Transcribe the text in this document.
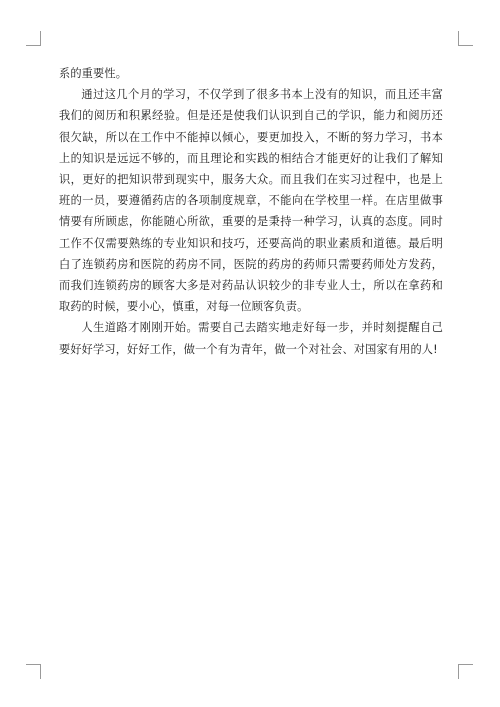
系的重要性。

通过这几个月的学习，不仅学到了很多书本上没有的知识，而且还丰富我们的阅历和积累经验。但是还是使我们认识到自己的学识，能力和阅历还很欠缺，所以在工作中不能掉以倾心，要更加投入，不断的努力学习，书本上的知识是远远不够的，而且理论和实践的相结合才能更好的让我们了解知识，更好的把知识带到现实中，服务大众。而且我们在实习过程中，也是上班的一员，要遵循药店的各项制度规章，不能向在学校里一样。在店里做事情要有所顾虑，你能随心所欲，重要的是秉持一种学习，认真的态度。同时工作不仅需要熟练的专业知识和技巧，还要高尚的职业素质和道德。最后明白了连锁药房和医院的药房不同，医院的药房的药师只需要药师处方发药，而我们连锁药房的顾客大多是对药品认识较少的非专业人士，所以在拿药和取药的时候，要小心，慎重，对每一位顾客负责。

人生道路才刚刚开始。需要自己去踏实地走好每一步，并时刻提醒自己要好好学习，好好工作，做一个有为青年，做一个对社会、对国家有用的人!
